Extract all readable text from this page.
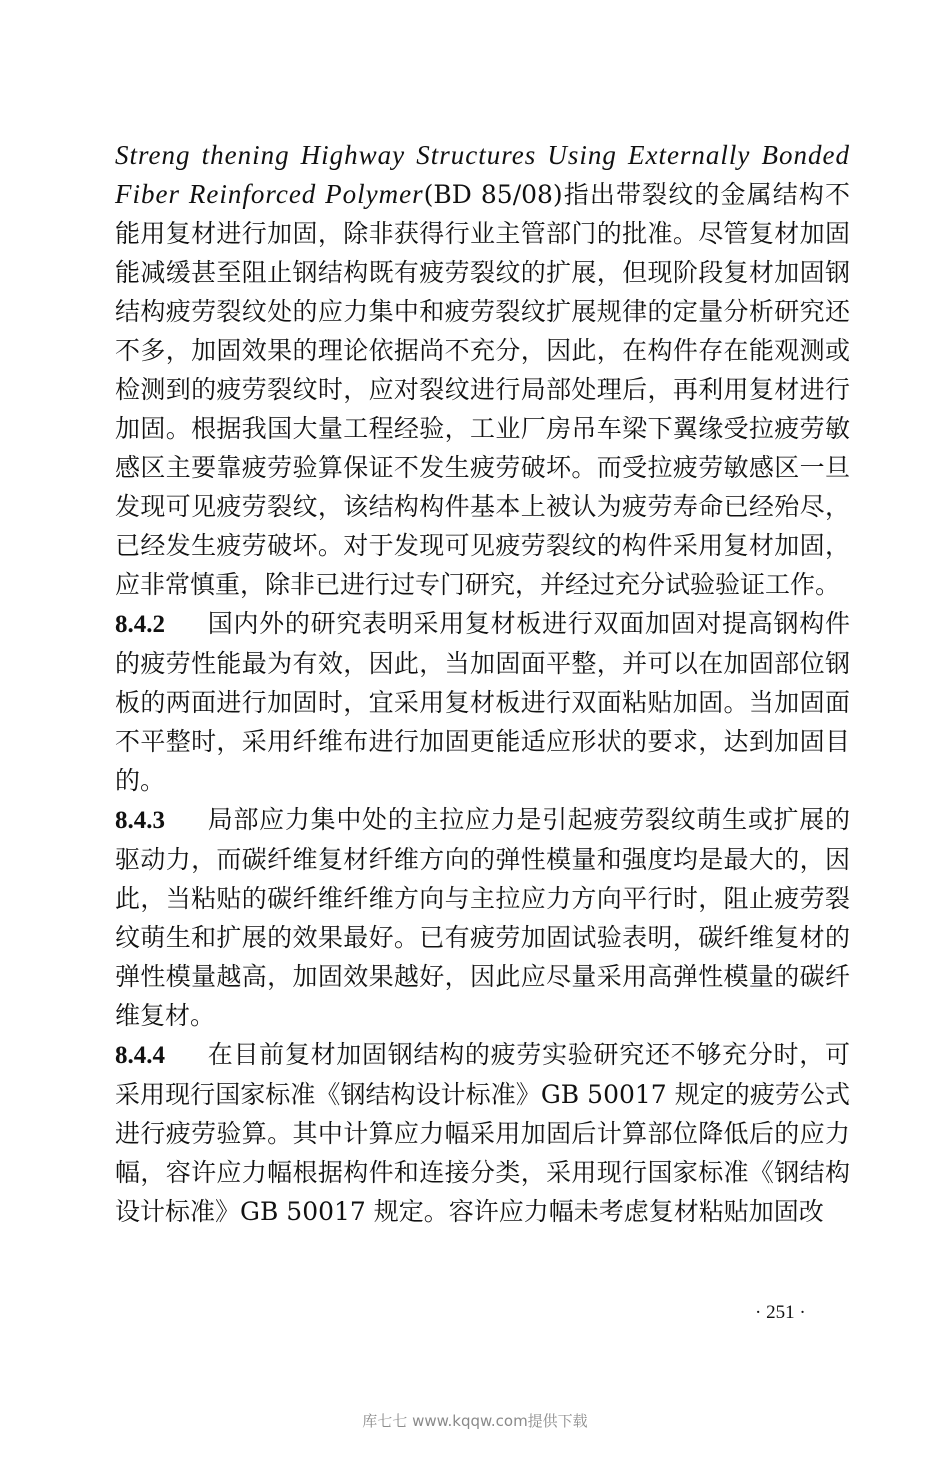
Streng thening Highway Structures Using Externally Bonded Fiber Reinforced Polymer(BD 85/08)指出带裂纹的金属结构不能用复材进行加固，除非获得行业主管部门的批准。尽管复材加固能减缓甚至阻止钢结构既有疲劳裂纹的扩展，但现阶段复材加固钢结构疲劳裂纹处的应力集中和疲劳裂纹扩展规律的定量分析研究还不多，加固效果的理论依据尚不充分，因此，在构件存在能观测或检测到的疲劳裂纹时，应对裂纹进行局部处理后，再利用复材进行加固。根据我国大量工程经验，工业厂房吊车梁下翼缘受拉疲劳敏感区主要靠疲劳验算保证不发生疲劳破坏。而受拉疲劳敏感区一旦发现可见疲劳裂纹，该结构构件基本上被认为疲劳寿命已经殆尽，已经发生疲劳破坏。对于发现可见疲劳裂纹的构件采用复材加固，应非常慎重，除非已进行过专门研究，并经过充分试验验证工作。

8.4.2 国内外的研究表明采用复材板进行双面加固对提高钢构件的疲劳性能最为有效，因此，当加固面平整，并可以在加固部位钢板的两面进行加固时，宜采用复材板进行双面粘贴加固。当加固面不平整时，采用纤维布进行加固更能适应形状的要求，达到加固目的。

8.4.3 局部应力集中处的主拉应力是引起疲劳裂纹萌生或扩展的驱动力，而碳纤维复材纤维方向的弹性模量和强度均是最大的，因此，当粘贴的碳纤维纤维方向与主拉应力方向平行时，阻止疲劳裂纹萌生和扩展的效果最好。已有疲劳加固试验表明，碳纤维复材的弹性模量越高，加固效果越好，因此应尽量采用高弹性模量的碳纤维复材。

8.4.4 在目前复材加固钢结构的疲劳实验研究还不够充分时，可采用现行国家标准《钢结构设计标准》GB 50017 规定的疲劳公式进行疲劳验算。其中计算应力幅采用加固后计算部位降低后的应力幅，容许应力幅根据构件和连接分类，采用现行国家标准《钢结构设计标准》GB 50017 规定。容许应力幅未考虑复材粘贴加固改

· 251 ·
库七七 www.kqqw.com提供下载
